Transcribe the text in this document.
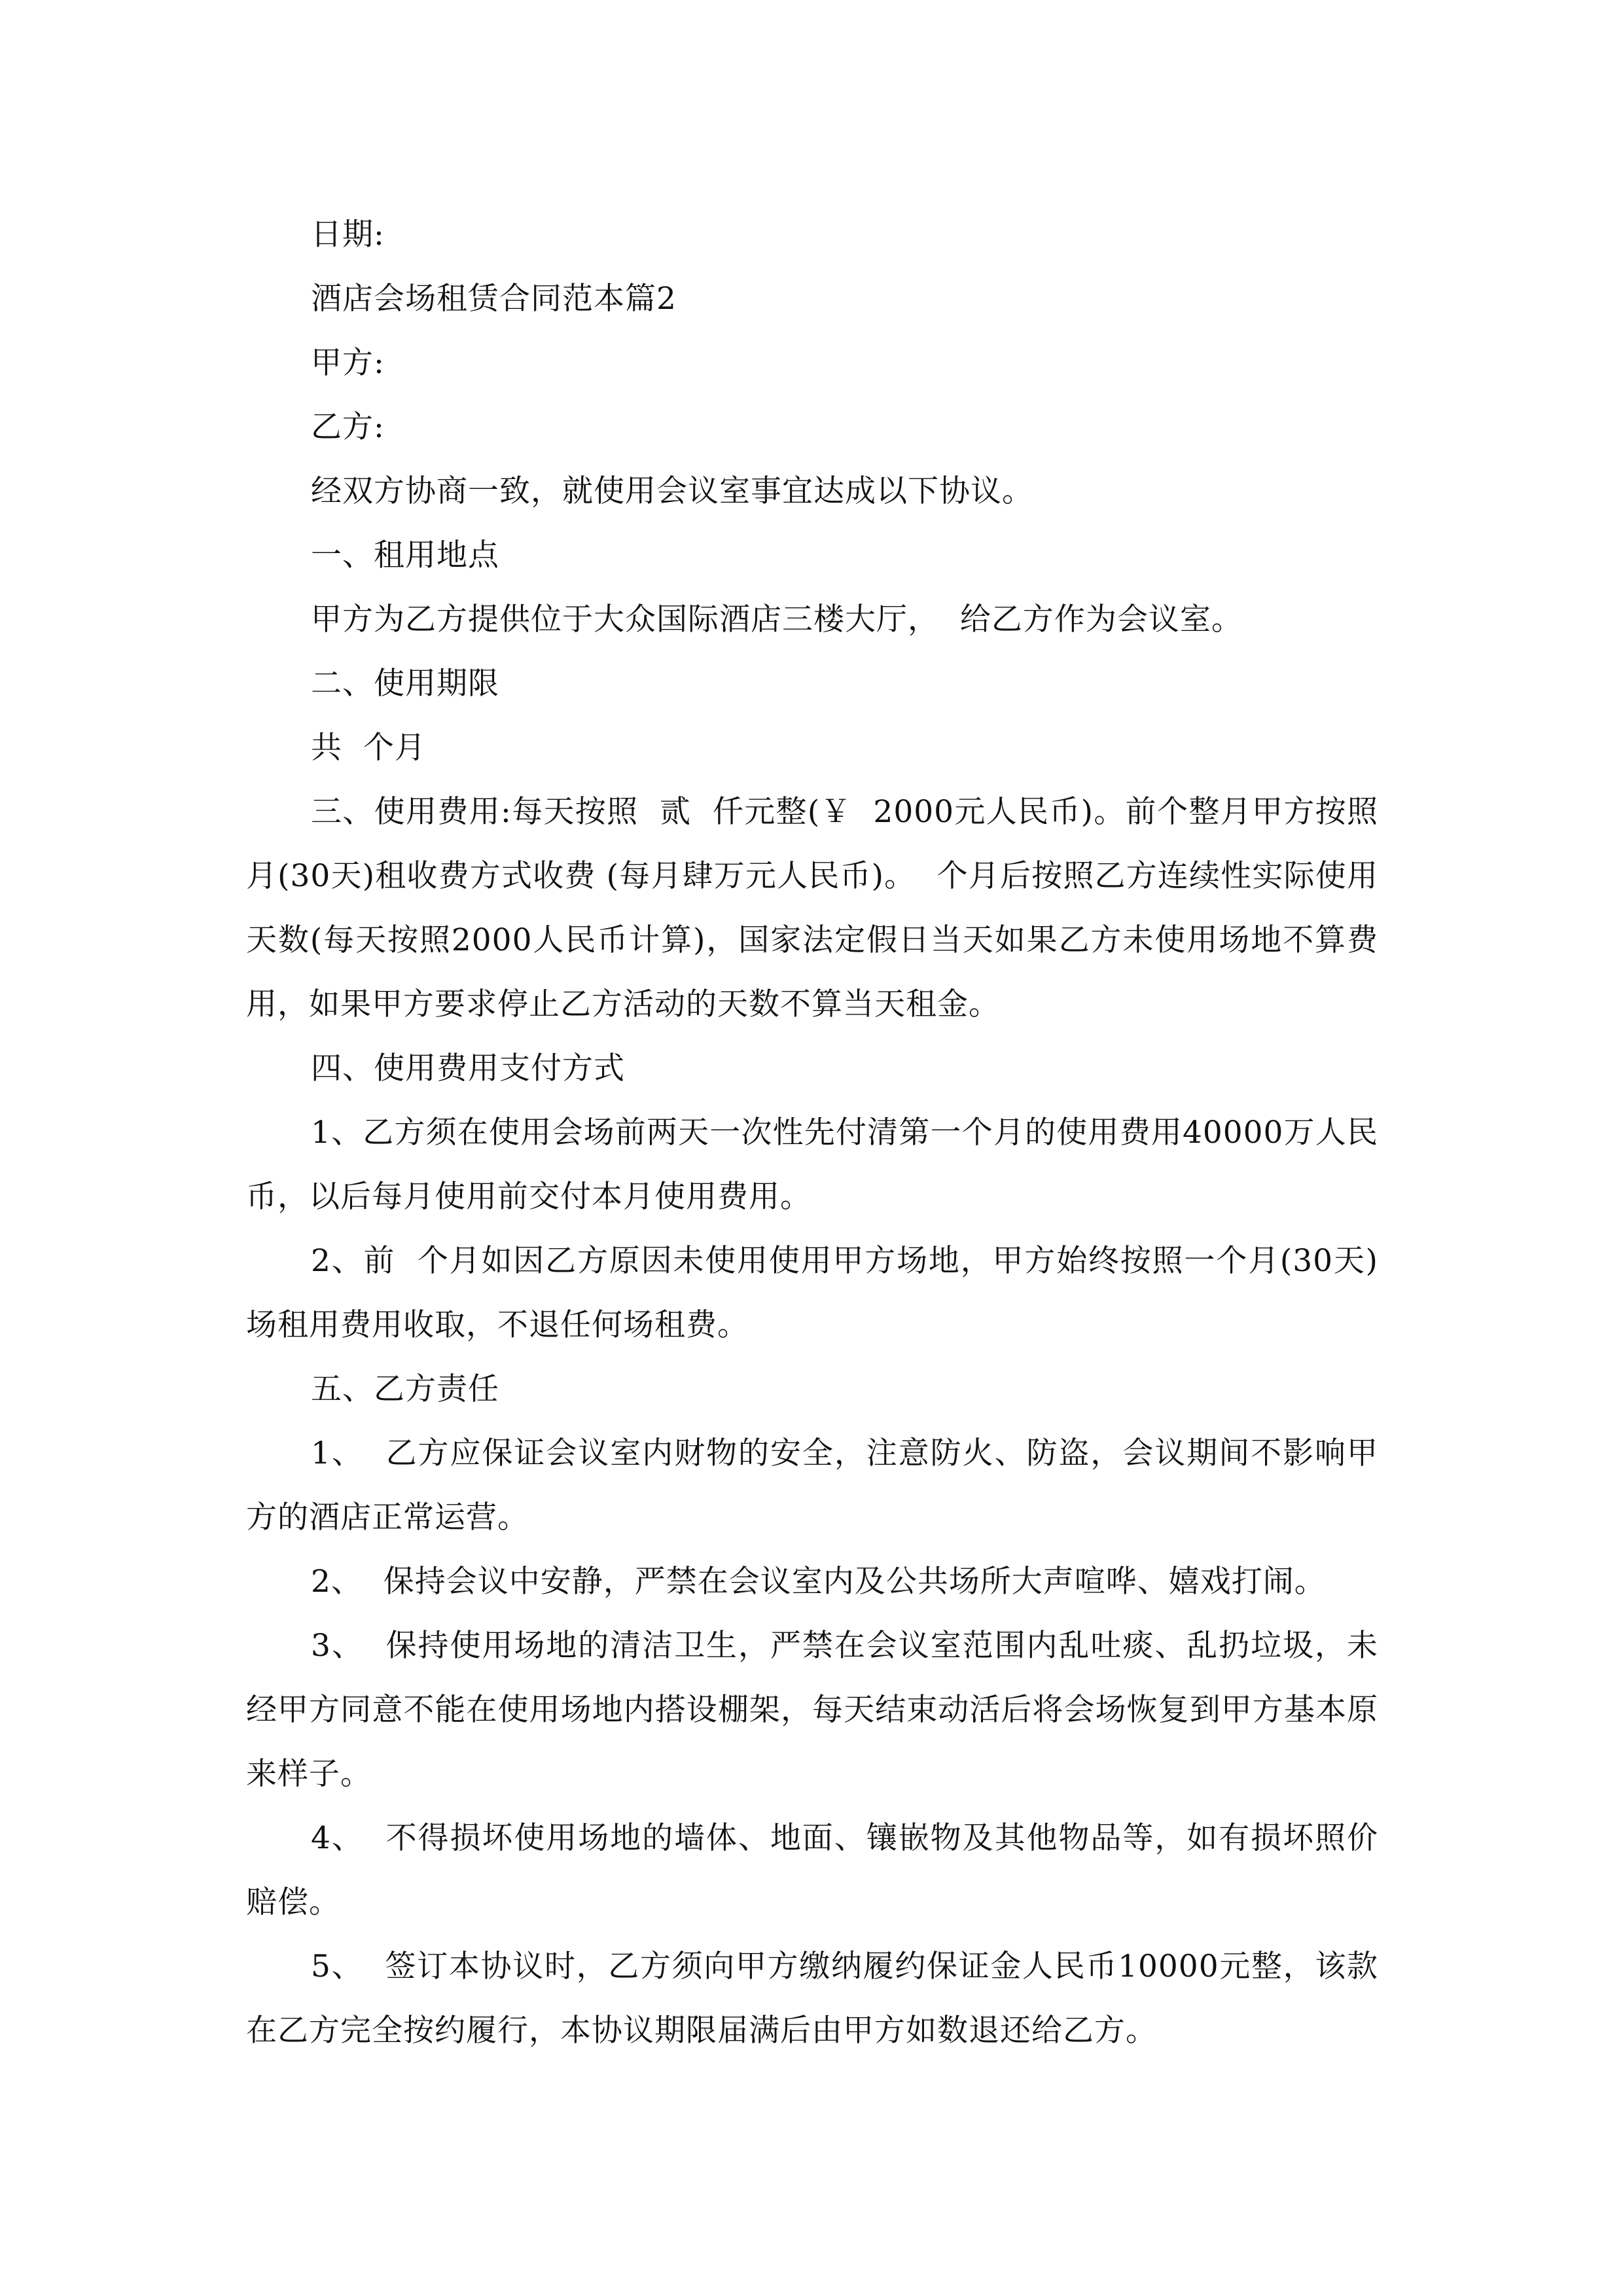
日期:

酒店会场租赁合同范本篇2

甲方:

乙方:

经双方协商一致，就使用会议室事宜达成以下协议。

一、租用地点

甲方为乙方提供位于大众国际酒店三楼大厅，  给乙方作为会议室。

二、使用期限

共  个月

三、使用费用:每天按照  贰  仟元整(￥  2000元人民币)。前个整月甲方按照月(30天)租收费方式收费 (每月肆万元人民币)。  个月后按照乙方连续性实际使用天数(每天按照2000人民币计算)，国家法定假日当天如果乙方未使用场地不算费用，如果甲方要求停止乙方活动的天数不算当天租金。

四、使用费用支付方式

1、乙方须在使用会场前两天一次性先付清第一个月的使用费用40000万人民币，以后每月使用前交付本月使用费用。

2、前  个月如因乙方原因未使用使用甲方场地，甲方始终按照一个月(30天)场租用费用收取，不退任何场租费。

五、乙方责任

1、  乙方应保证会议室内财物的安全，注意防火、防盗，会议期间不影响甲方的酒店正常运营。

2、  保持会议中安静，严禁在会议室内及公共场所大声喧哗、嬉戏打闹。

3、  保持使用场地的清洁卫生，严禁在会议室范围内乱吐痰、乱扔垃圾，未经甲方同意不能在使用场地内搭设棚架，每天结束动活后将会场恢复到甲方基本原来样子。

4、  不得损坏使用场地的墙体、地面、镶嵌物及其他物品等，如有损坏照价赔偿。

5、  签订本协议时，乙方须向甲方缴纳履约保证金人民币10000元整，该款在乙方完全按约履行，本协议期限届满后由甲方如数退还给乙方。
